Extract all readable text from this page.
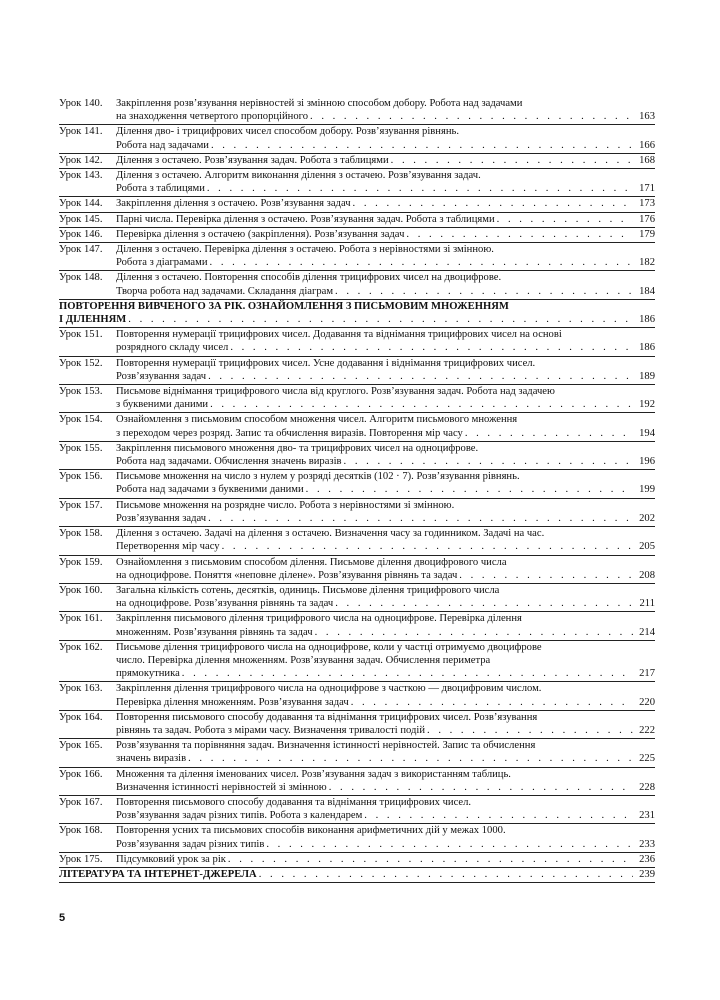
Урок 140.	Закріплення розв’язування нерівностей зі змінною способом добору. Робота над задачами
на знаходження четвертого пропорційного . . .	163
Урок 141.	Ділення дво- і трицифрових чисел способом добору. Розв’язування рівнянь.
Робота над задачами . . .	166
Урок 142.	Ділення з остачею. Розв’язування задач. Робота з таблицями . . .	168
Урок 143.	Ділення з остачею. Алгоритм виконання ділення з остачею. Розв’язування задач.
Робота з таблицями . . .	171
Урок 144.	Закріплення ділення з остачею. Розв’язування задач . . .	173
Урок 145.	Парні числа. Перевірка ділення з остачею. Розв’язування задач. Робота з таблицями . . .	176
Урок 146.	Перевірка ділення з остачею (закріплення). Розв’язування задач . . .	179
Урок 147.	Ділення з остачею. Перевірка ділення з остачею. Робота з нерівностями зі змінною.
Робота з діаграмами . . .	182
Урок 148.	Ділення з остачею. Повторення способів ділення трицифрових чисел на двоцифрове.
Творча робота над задачами. Складання діаграм . . .	184
ПОВТОРЕННЯ ВИВЧЕНОГО ЗА РІК. ОЗНАЙОМЛЕННЯ З ПИСЬМОВИМ МНОЖЕННЯМ
І ДІЛЕННЯМ . . .	186
Урок 151.	Повторення нумерації трицифрових чисел. Додавання та віднімання трицифрових чисел на основі
розрядного складу чисел . . .	186
Урок 152.	Повторення нумерації трицифрових чисел. Усне додавання і віднімання трицифрових чисел.
Розв’язування задач . . .	189
Урок 153.	Письмове віднімання трицифрового числа від круглого. Розв’язування задач. Робота над задачею
з буквеними даними . . .	192
Урок 154.	Ознайомлення з письмовим способом множення чисел. Алгоритм письмового множення
з переходом через розряд. Запис та обчислення виразів. Повторення мір часу . . .	194
Урок 155.	Закріплення письмового множення дво- та трицифрових чисел на одноцифрове.
Робота над задачами. Обчислення значень виразів . . .	196
Урок 156.	Письмове множення на число з нулем у розряді десятків (102 · 7). Розв’язування рівнянь.
Робота над задачами з буквеними даними . . .	199
Урок 157.	Письмове множення на розрядне число. Робота з нерівностями зі змінною.
Розв’язування задач . . .	202
Урок 158.	Ділення з остачею. Задачі на ділення з остачею. Визначення часу за годинником. Задачі на час.
Перетворення мір часу . . .	205
Урок 159.	Ознайомлення з письмовим способом ділення. Письмове ділення двоцифрового числа
на одноцифрове. Поняття «неповне ділене». Розв’язування рівнянь та задач . . .	208
Урок 160.	Загальна кількість сотень, десятків, одиниць. Письмове ділення трицифрового числа
на одноцифрове. Розв’язування рівнянь та задач . . .	211
Урок 161.	Закріплення письмового ділення трицифрового числа на одноцифрове. Перевірка ділення
множенням. Розв’язування рівнянь та задач . . .	214
Урок 162.	Письмове ділення трицифрового числа на одноцифрове, коли у частці отримуємо двоцифрове
число. Перевірка ділення множенням. Розв’язування задач. Обчислення периметра
прямокутника . . .	217
Урок 163.	Закріплення ділення трицифрового числа на одноцифрове з часткою — двоцифровим числом.
Перевірка ділення множенням. Розв’язування задач . . .	220
Урок 164.	Повторення письмового способу додавання та віднімання трицифрових чисел. Розв’язування
рівнянь та задач. Робота з мірами часу. Визначення тривалості подій . . .	222
Урок 165.	Розв’язування та порівняння задач. Визначення істинності нерівностей. Запис та обчислення
значень виразів . . .	225
Урок 166.	Множення та ділення іменованих чисел. Розв’язування задач з використанням таблиць.
Визначення істинності нерівностей зі змінною . . .	228
Урок 167.	Повторення письмового способу додавання та віднімання трицифрових чисел.
Розв’язування задач різних типів. Робота з календарем . . .	231
Урок 168.	Повторення усних та письмових способів виконання арифметичних дій у межах 1000.
Розв’язування задач різних типів . . .	233
Урок 175.	Підсумковий урок за рік . . .	236
ЛІТЕРАТУРА ТА ІНТЕРНЕТ-ДЖЕРЕЛА . . .	239
5
